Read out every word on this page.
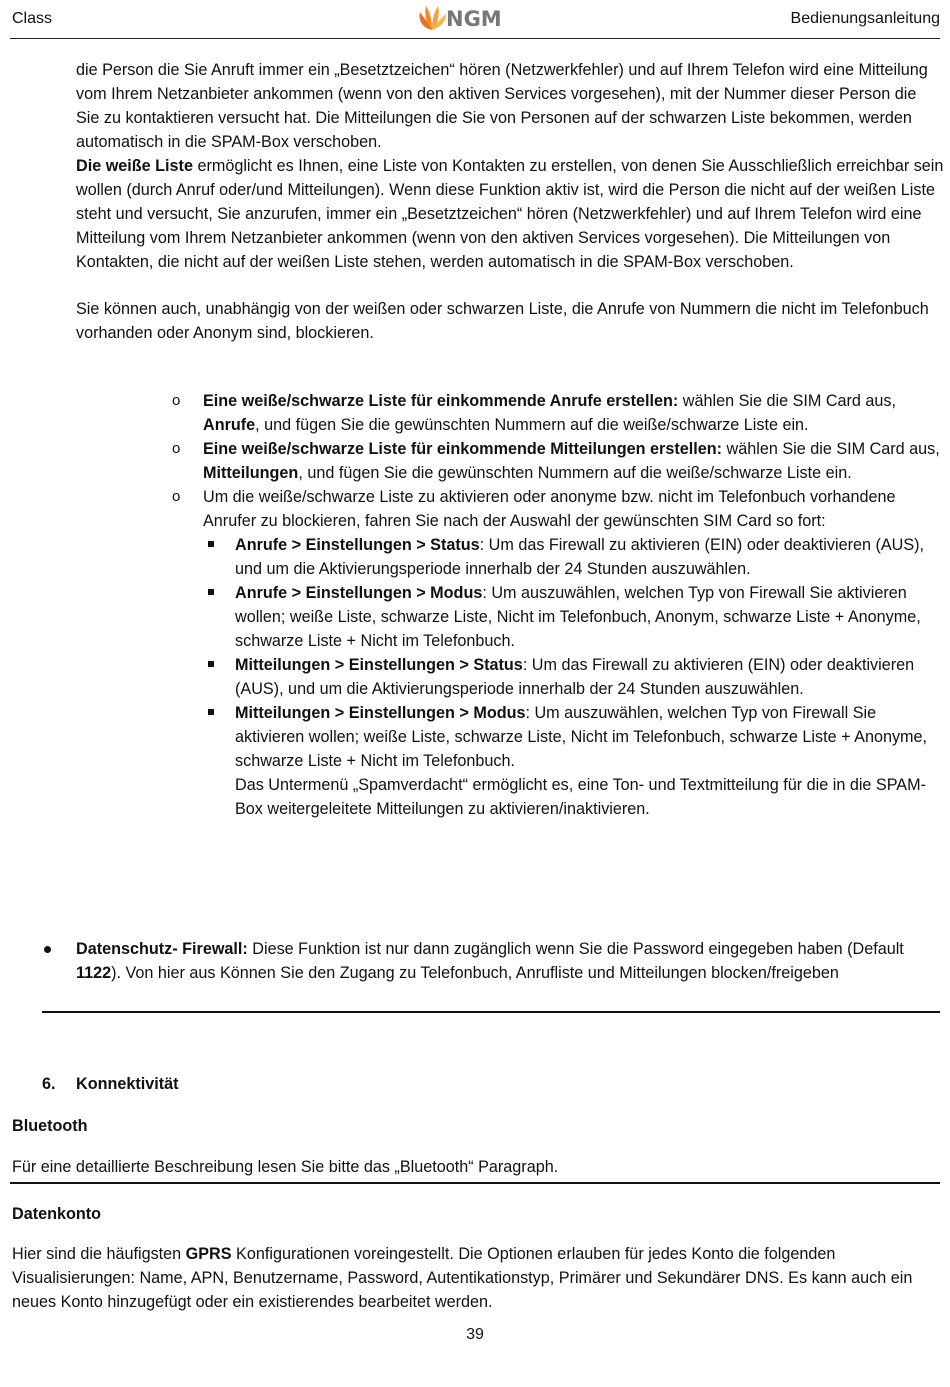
Class	NGM	Bedienungsanleitung

die Person die Sie Anruft immer ein „Besetztzeichen“ hören (Netzwerkfehler) und auf Ihrem Telefon wird eine Mitteilung vom Ihrem Netzanbieter ankommen (wenn von den aktiven Services vorgesehen), mit der Nummer dieser Person die Sie zu kontaktieren versucht hat. Die Mitteilungen die Sie von Personen auf der schwarzen Liste bekommen, werden automatisch in die SPAM-Box verschoben.

Die weiße Liste ermöglicht es Ihnen, eine Liste von Kontakten zu erstellen, von denen Sie Ausschließlich erreichbar sein wollen (durch Anruf oder/und Mitteilungen). Wenn diese Funktion aktiv ist, wird die Person die nicht auf der weißen Liste steht und versucht, Sie anzurufen, immer ein „Besetztzeichen“ hören (Netzwerkfehler) und auf Ihrem Telefon wird eine Mitteilung vom Ihrem Netzanbieter ankommen (wenn von den aktiven Services vorgesehen). Die Mitteilungen von Kontakten, die nicht auf der weißen Liste stehen, werden automatisch in die SPAM-Box verschoben.

Sie können auch, unabhängig von der weißen oder schwarzen Liste, die Anrufe von Nummern die nicht im Telefonbuch vorhanden oder Anonym sind, blockieren.

o Eine weiße/schwarze Liste für einkommende Anrufe erstellen: wählen Sie die SIM Card aus, Anrufe, und fügen Sie die gewünschten Nummern auf die weiße/schwarze Liste ein.
o Eine weiße/schwarze Liste für einkommende Mitteilungen erstellen: wählen Sie die SIM Card aus, Mitteilungen, und fügen Sie die gewünschten Nummern auf die weiße/schwarze Liste ein.
o Um die weiße/schwarze Liste zu aktivieren oder anonyme bzw. nicht im Telefonbuch vorhandene Anrufer zu blockieren, fahren Sie nach der Auswahl der gewünschten SIM Card so fort:
Anrufe > Einstellungen > Status: Um das Firewall zu aktivieren (EIN) oder deaktivieren (AUS), und um die Aktivierungsperiode innerhalb der 24 Stunden auszuwählen.
Anrufe > Einstellungen > Modus: Um auszuwählen, welchen Typ von Firewall Sie aktivieren wollen; weiße Liste, schwarze Liste, Nicht im Telefonbuch, Anonym, schwarze Liste + Anonyme, schwarze Liste + Nicht im Telefonbuch.
Mitteilungen > Einstellungen > Status: Um das Firewall zu aktivieren (EIN) oder deaktivieren (AUS), und um die Aktivierungsperiode innerhalb der 24 Stunden auszuwählen.
Mitteilungen > Einstellungen > Modus: Um auszuwählen, welchen Typ von Firewall Sie aktivieren wollen; weiße Liste, schwarze Liste, Nicht im Telefonbuch, schwarze Liste + Anonyme, schwarze Liste + Nicht im Telefonbuch.
Das Untermenü „Spamverdacht“ ermöglicht es, eine Ton- und Textmitteilung für die in die SPAM-Box weitergeleitete Mitteilungen zu aktivieren/inaktivieren.
Datenschutz- Firewall: Diese Funktion ist nur dann zugänglich wenn Sie die Password eingegeben haben (Default 1122). Von hier aus Können Sie den Zugang zu Telefonbuch, Anrufliste und Mitteilungen blocken/freigeben
6. Konnektivität
Bluetooth
Für eine detaillierte Beschreibung lesen Sie bitte das „Bluetooth“ Paragraph.
Datenkonto
Hier sind die häufigsten GPRS Konfigurationen voreingestellt. Die Optionen erlauben für jedes Konto die folgenden Visualisierungen: Name, APN, Benutzername, Password, Autentikationstyp, Primärer und Sekundärer DNS. Es kann auch ein neues Konto hinzugefügt oder ein existierendes bearbeitet werden.
39
